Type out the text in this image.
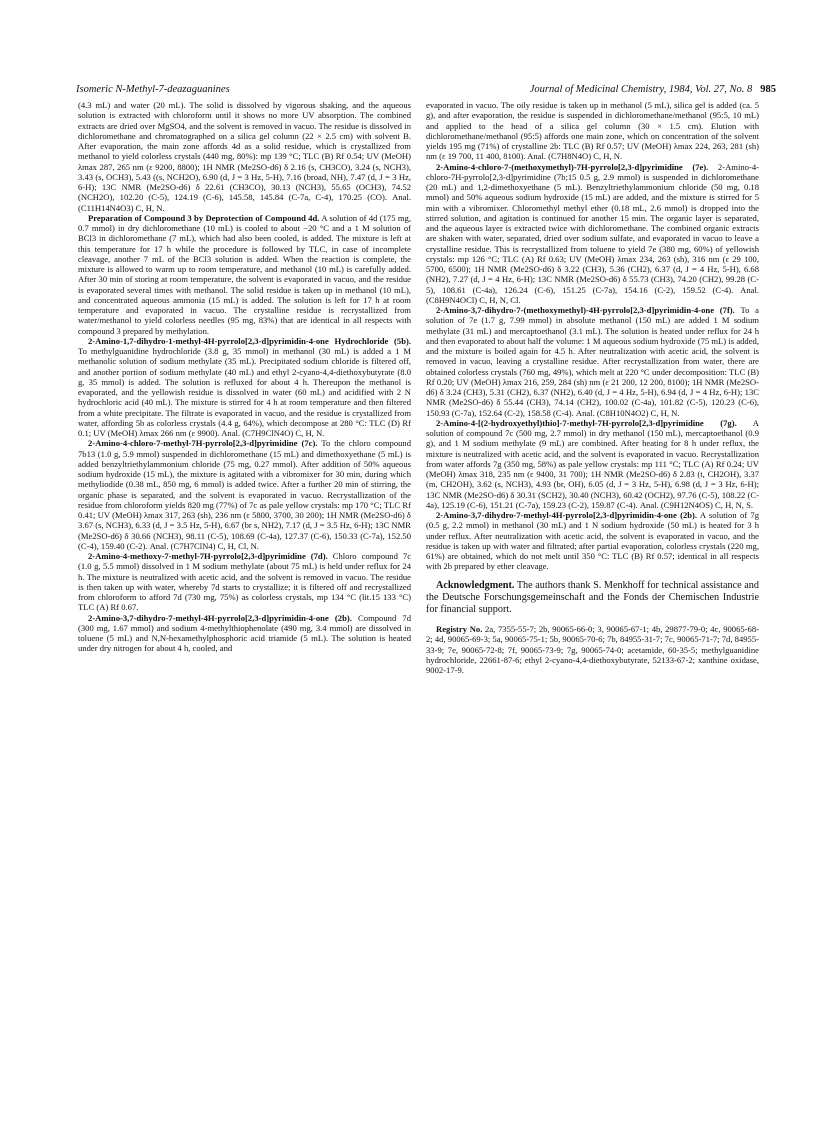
Isomeric N-Methyl-7-deazaguanines	Journal of Medicinal Chemistry, 1984, Vol. 27, No. 8 985

(4.3 mL) and water (20 mL). The solid is dissolved by vigorous shaking, and the aqueous solution is extracted with chloroform until it shows no more UV absorption. The combined extracts are dried over MgSO4, and the solvent is removed in vacuo. The residue is dissolved in dichloromethane and chromatographed on a silica gel column (22 × 2.5 cm) with solvent B. After evaporation, the main zone affords 4d as a solid residue, which is crystallized from methanol to yield colorless crystals (440 mg, 80%): mp 139 °C; TLC (B) Rf 0.54; UV (MeOH) λmax 287, 265 nm (ε 9200, 8800); 1H NMR (Me2SO-d6) δ 2.16 (s, CH3CO), 3.24 (s, NCH3), 3.43 (s, OCH3), 5.43 ((s, NCH2O), 6.90 (d, J = 3 Hz, 5-H), 7.16 (broad, NH), 7.47 (d, J = 3 Hz, 6-H); 13C NMR (Me2SO-d6) δ 22.61 (CH3CO), 30.13 (NCH3), 55.65 (OCH3), 74.52 (NCH2O), 102.20 (C-5), 124.19 (C-6), 145.58, 145.84 (C-7a, C-4), 170.25 (CO). Anal. (C11H14N4O3) C, H, N.

Preparation of Compound 3 by Deprotection of Compound 4d. A solution of 4d (175 mg, 0.7 mmol) in dry dichloromethane (10 mL) is cooled to about −20 °C and a 1 M solution of BCl3 in dichloromethane (7 mL), which had also been cooled, is added. The mixture is left at this temperature for 17 h while the procedure is followed by TLC, in case of incomplete cleavage, another 7 mL of the BCl3 solution is added. When the reaction is complete, the mixture is allowed to warm up to room temperature, and methanol (10 mL) is carefully added. After 30 min of storing at room temperature, the solvent is evaporated in vacuo, and the residue is evaporated several times with methanol. The solid residue is taken up in methanol (10 mL), and concentrated aqueous ammonia (15 mL) is added. The solution is left for 17 h at room temperature and evaporated in vacuo. The crystalline residue is recrystallized from water/methanol to yield colorless needles (95 mg, 83%) that are identical in all respects with compound 3 prepared by methylation.

2-Amino-1,7-dihydro-1-methyl-4H-pyrrolo[2,3-d]pyrimidin-4-one Hydrochloride (5b). To methylguanidine hydrochloride (3.8 g, 35 mmol) in methanol (30 mL) is added a 1 M methanolic solution of sodium methylate (35 mL). Precipitated sodium chloride is filtered off, and another portion of sodium methylate (40 mL) and ethyl 2-cyano-4,4-diethoxybutyrate (8.0 g, 35 mmol) is added. The solution is refluxed for about 4 h. Thereupon the methanol is evaporated, and the yellowish residue is dissolved in water (60 mL) and acidified with 2 N hydrochloric acid (40 mL). The mixture is stirred for 4 h at room temperature and then filtered from a white precipitate. The filtrate is evaporated in vacuo, and the residue is crystallized from water, affording 5b as colorless crystals (4.4 g, 64%), which decompose at 280 °C: TLC (D) Rf 0.1; UV (MeOH) λmax 266 nm (ε 9900). Anal. (C7H9ClN4O) C, H, N.

2-Amino-4-chloro-7-methyl-7H-pyrrolo[2,3-d]pyrimidine (7c). To the chloro compound 7b13 (1.0 g, 5.9 mmol) suspended in dichloromethane (15 mL) and dimethoxyethane (5 mL) is added benzyltriethylammonium chloride (75 mg, 0.27 mmol). After addition of 50% aqueous sodium hydroxide (15 mL), the mixture is agitated with a vibromixer for 30 min, during which methyliodide (0.38 mL, 850 mg, 6 mmol) is added twice. After a further 20 min of stirring, the organic phase is separated, and the solvent is evaporated in vacuo. Recrystallization of the residue from chloroform yields 820 mg (77%) of 7c as pale yellow crystals: mp 170 °C; TLC Rf 0.41; UV (MeOH) λmax 317, 263 (sh), 236 nm (ε 5800, 3700, 30 200); 1H NMR (Me2SO-d6) δ 3.67 (s, NCH3), 6.33 (d, J = 3.5 Hz, 5-H), 6.67 (br s, NH2), 7.17 (d, J = 3.5 Hz, 6-H); 13C NMR (Me2SO-d6) δ 30.66 (NCH3), 98.11 (C-5), 108.69 (C-4a), 127.37 (C-6), 150.33 (C-7a), 152.50 (C-4), 159.40 (C-2). Anal. (C7H7ClN4) C, H, Cl, N.

2-Amino-4-methoxy-7-methyl-7H-pyrrolo[2,3-d]pyrimidine (7d). Chloro compound 7c (1.0 g, 5.5 mmol) dissolved in 1 M sodium methylate (about 75 mL) is held under reflux for 24 h. The mixture is neutralized with acetic acid, and the solvent is removed in vacuo. The residue is then taken up with water, whereby 7d starts to crystallize; it is filtered off and recrystallized from chloroform to afford 7d (730 mg, 75%) as colorless crystals, mp 134 °C (lit.15 133 °C) TLC (A) Rf 0.67.

2-Amino-3,7-dihydro-7-methyl-4H-pyrrolo[2,3-d]pyrimidin-4-one (2b). Compound 7d (300 mg, 1.67 mmol) and sodium 4-methylthiophenolate (490 mg, 3.4 mmol) are dissolved in toluene (5 mL) and N,N-hexamethylphosphoric acid triamide (5 mL). The solution is heated under dry nitrogen for about 4 h, cooled, and

evaporated in vacuo. The oily residue is taken up in methanol (5 mL), silica gel is added (ca. 5 g), and after evaporation, the residue is suspended in dichloromethane/methanol (95:5, 10 mL) and applied to the head of a silica gel column (30 × 1.5 cm). Elution with dichloromethane/methanol (95:5) affords one main zone, which on concentration of the solvent yields 195 mg (71%) of crystalline 2b: TLC (B) Rf 0.57; UV (MeOH) λmax 224, 263, 281 (sh) nm (ε 19 700, 11 400, 8100). Anal. (C7H8N4O) C, H, N.

2-Amino-4-chloro-7-(methoxymethyl)-7H-pyrrolo[2,3-d]pyrimidine (7e). 2-Amino-4-chloro-7H-pyrrolo[2,3-d]pyrimidine (7b;15 0.5 g, 2.9 mmol) is suspended in dichloromethane (20 mL) and 1,2-dimethoxyethane (5 mL). Benzyltriethylammonium chloride (50 mg, 0.18 mmol) and 50% aqueous sodium hydroxide (15 mL) are added, and the mixture is stirred for 5 min with a vibromixer. Chloromethyl methyl ether (0.18 mL, 2.6 mmol) is dropped into the stirred solution, and agitation is continued for another 15 min. The organic layer is separated, and the aqueous layer is extracted twice with dichloromethane. The combined organic extracts are shaken with water, separated, dried over sodium sulfate, and evaporated in vacuo to leave a crystalline residue. This is recrystallized from toluene to yield 7e (380 mg, 60%) of yellowish crystals: mp 126 °C; TLC (A) Rf 0.63; UV (MeOH) λmax 234, 263 (sh), 316 nm (ε 29 100, 5700, 6500); 1H NMR (Me2SO-d6) δ 3.22 (CH3), 5.36 (CH2), 6.37 (d, J = 4 Hz, 5-H), 6.68 (NH2), 7.27 (d, J = 4 Hz, 6-H); 13C NMR (Me2SO-d6) δ 55.73 (CH3), 74.20 (CH2), 99.28 (C-5), 108.61 (C-4a), 126.24 (C-6), 151.25 (C-7a), 154.16 (C-2), 159.52 (C-4). Anal. (C8H9N4OCl) C, H, N, Cl.

2-Amino-3,7-dihydro-7-(methoxymethyl)-4H-pyrrolo[2,3-d]pyrimidin-4-one (7f). To a solution of 7e (1.7 g, 7.99 mmol) in absolute methanol (150 mL) are added 1 M sodium methylate (31 mL) and mercaptoethanol (3.1 mL). The solution is heated under reflux for 24 h and then evaporated to about half the volume: 1 M aqueous sodium hydroxide (75 mL) is added, and the mixture is boiled again for 4.5 h. After neutralization with acetic acid, the solvent is removed in vacuo, leaving a crystalline residue. After recrystallization from water, there are obtained colorless crystals (760 mg, 49%), which melt at 220 °C under decomposition: TLC (B) Rf 0.20; UV (MeOH) λmax 216, 259, 284 (sh) nm (ε 21 200, 12 200, 8100); 1H NMR (Me2SO-d6) δ 3.24 (CH3), 5.31 (CH2), 6.37 (NH2), 6.40 (d, J = 4 Hz, 5-H), 6.94 (d, J = 4 Hz, 6-H); 13C NMR (Me2SO-d6) δ 55.44 (CH3), 74.14 (CH2), 100.02 (C-4a), 101.82 (C-5), 120.23 (C-6), 150.93 (C-7a), 152.64 (C-2), 158.58 (C-4). Anal. (C8H10N4O2) C, H, N.

2-Amino-4-[(2-hydroxyethyl)thio]-7-methyl-7H-pyrrolo[2,3-d]pyrimidine (7g). A solution of compound 7c (500 mg, 2.7 mmol) in dry methanol (150 mL), mercaptoethanol (0.9 g), and 1 M sodium methylate (9 mL) are combined. After heating for 8 h under reflux, the mixture is neutralized with acetic acid, and the solvent is evaporated in vacuo. Recrystallization from water affords 7g (350 mg, 58%) as pale yellow crystals: mp 111 °C; TLC (A) Rf 0.24; UV (MeOH) λmax 318, 235 nm (ε 9400, 31 700); 1H NMR (Me2SO-d6) δ 2.83 (t, CH2OH), 3.37 (m, CH2OH), 3.62 (s, NCH3), 4.93 (br, OH), 6.05 (d, J = 3 Hz, 5-H), 6.98 (d, J = 3 Hz, 6-H); 13C NMR (Me2SO-d6) δ 30.31 (SCH2), 30.40 (NCH3), 60.42 (OCH2), 97.76 (C-5), 108.22 (C-4a), 125.19 (C-6), 151.21 (C-7a), 159.23 (C-2), 159.87 (C-4). Anal. (C9H12N4OS) C, H, N, S.

2-Amino-3,7-dihydro-7-methyl-4H-pyrrolo[2,3-d]pyrimidin-4-one (2b). A solution of 7g (0.5 g, 2.2 mmol) in methanol (30 mL) and 1 N sodium hydroxide (50 mL) is heated for 3 h under reflux. After neutralization with acetic acid, the solvent is evaporated in vacuo, and the residue is taken up with water and filtrated; after partial evaporation, colorless crystals (220 mg, 61%) are obtained, which do not melt until 350 °C: TLC (B) Rf 0.57; identical in all respects with 2b prepared by ether cleavage.

Acknowledgment. The authors thank S. Menkhoff for technical assistance and the Deutsche Forschungsgemeinschaft and the Fonds der Chemischen Industrie for financial support.

Registry No. 2a, 7355-55-7; 2b, 90065-66-0; 3, 90065-67-1; 4b, 29877-79-0; 4c, 90065-68-2; 4d, 90065-69-3; 5a, 90065-75-1; 5b, 90065-70-6; 7b, 84955-31-7; 7c, 90065-71-7; 7d, 84955-33-9; 7e, 90065-72-8; 7f, 90065-73-9; 7g, 90065-74-0; acetamide, 60-35-5; methylguanidine hydrochloride, 22661-87-6; ethyl 2-cyano-4,4-diethoxybutyrate, 52133-67-2; xanthine oxidase, 9002-17-9.
